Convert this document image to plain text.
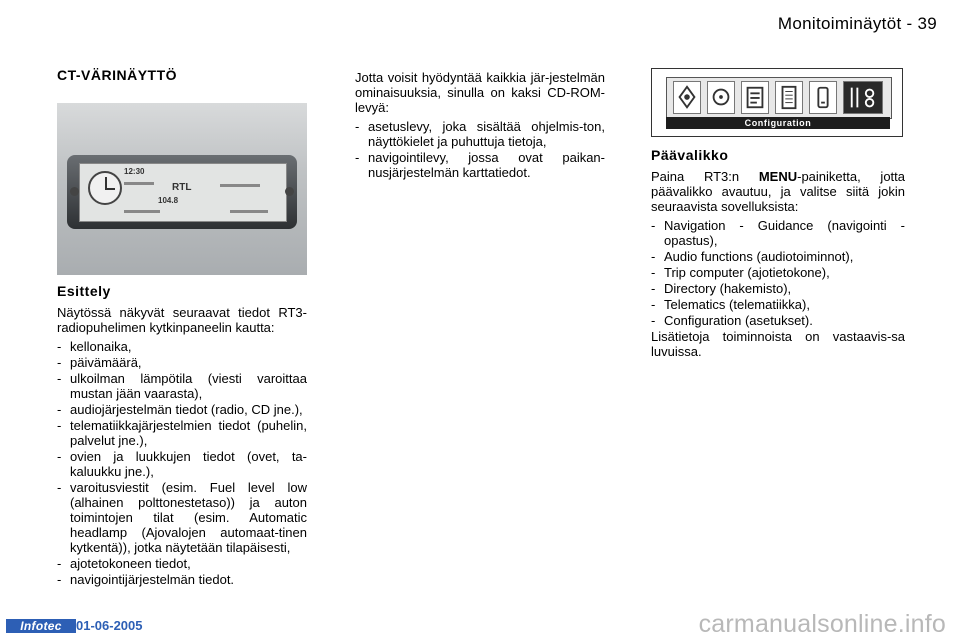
Monitoiminäytöt - 39
CT-VÄRINÄYTTÖ
12:30
RTL
104.8
Esittely

Näytössä näkyvät seuraavat tiedot RT3-radiopuhelimen kytkinpaneelin kautta:

- kellonaika,
- päivämäärä,
- ulkoilman lämpötila (viesti varoittaa mustan jään vaarasta),
- audiojärjestelmän tiedot (radio, CD jne.),
- telematiikkajärjestelmien tiedot (puhelin, palvelut jne.),
- ovien ja luukkujen tiedot (ovet, ta-kaluukku jne.),
- varoitusviestit (esim. Fuel level low (alhainen polttonestetaso)) ja auton toimintojen tilat (esim. Automatic headlamp (Ajovalojen automaat-tinen kytkentä)), jotka näytetään tilapäisesti,
- ajotetokoneen tiedot,
- navigointijärjestelmän tiedot.

Jotta voisit hyödyntää kaikkia jär-jestelmän ominaisuuksia, sinulla on kaksi CD-ROM-levyä:

- asetuslevy, joka sisältää ohjelmis-ton, näyttökielet ja puhuttuja tietoja,
- navigointilevy, jossa ovat paikan-nusjärjestelmän karttatiedot.
Configuration
Päävalikko

Paina RT3:n MENU-painiketta, jotta päävalikko avautuu, ja valitse siitä jokin seuraavista sovelluksista:

- Navigation - Guidance (navigointi - opastus),
- Audio functions (audiotoiminnot),
- Trip computer (ajotietokone),
- Directory (hakemisto),
- Telematics (telematiikka),
- Configuration (asetukset).

Lisätietoja toiminnoista on vastaavis-sa luvuissa.

Infotec	01-06-2005	carmanualsonline.info
